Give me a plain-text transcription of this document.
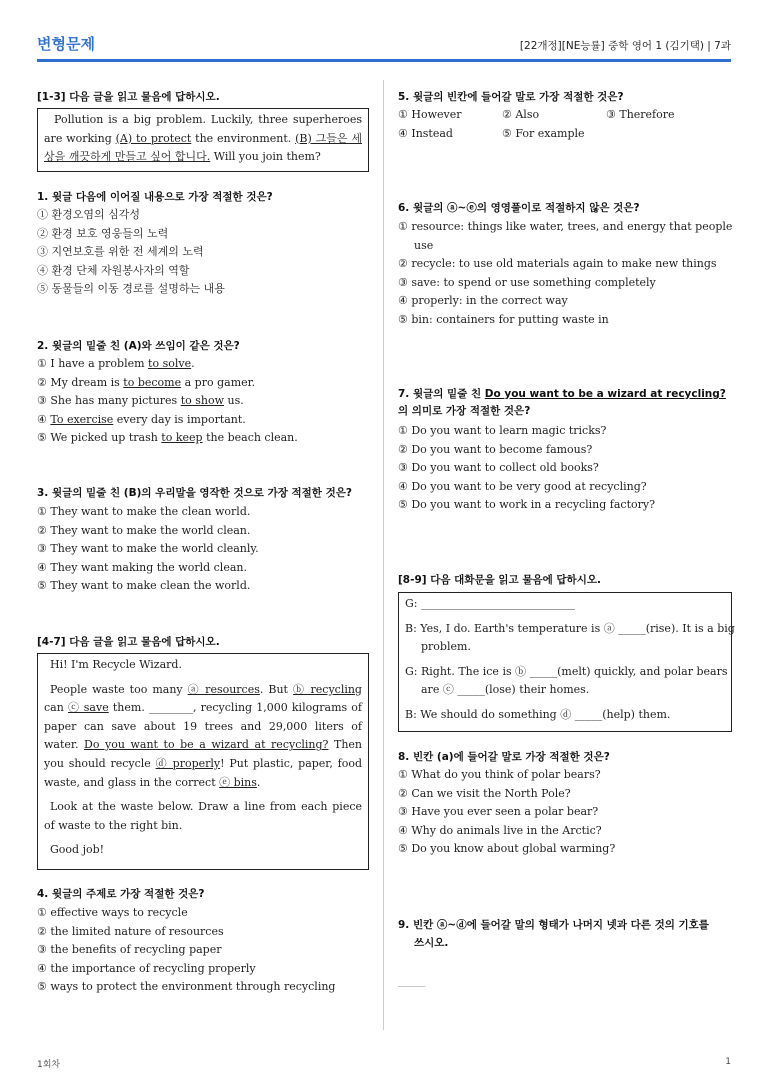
변형문제	[22개정][NE능률] 중학 영어 1 (김기택) | 7과
[1-3] 다음 글을 읽고 물음에 답하시오.
Pollution is a big problem. Luckily, three superheroes are working (A) to protect the environment. (B) 그들은 세상을 깨끗하게 만들고 싶어 합니다. Will you join them?
1. 윗글 다음에 이어질 내용으로 가장 적절한 것은?
① 환경오염의 심각성
② 환경 보호 영웅들의 노력
③ 지연보호를 위한 전 세계의 노력
④ 환경 단체 자원봉사자의 역할
⑤ 동물들의 이동 경로를 설명하는 내용
2. 윗글의 밑줄 친 (A)와 쓰임이 같은 것은?
① I have a problem to solve.
② My dream is to become a pro gamer.
③ She has many pictures to show us.
④ To exercise every day is important.
⑤ We picked up trash to keep the beach clean.
3. 윗글의 밑줄 친 (B)의 우리말을 영작한 것으로 가장 적절한 것은?
① They want to make the clean world.
② They want to make the world clean.
③ They want to make the world cleanly.
④ They want making the world clean.
⑤ They want to make clean the world.
[4-7] 다음 글을 읽고 물음에 답하시오.
Hi! I'm Recycle Wizard.
People waste too many ⓐ resources. But ⓑ recycling can ⓒ save them. ________, recycling 1,000 kilograms of paper can save about 19 trees and 29,000 liters of water. Do you want to be a wizard at recycling? Then you should recycle ⓓ properly! Put plastic, paper, food waste, and glass in the correct ⓔ bins.
Look at the waste below. Draw a line from each piece of waste to the right bin.
Good job!
4. 윗글의 주제로 가장 적절한 것은?
① effective ways to recycle
② the limited nature of resources
③ the benefits of recycling paper
④ the importance of recycling properly
⑤ ways to protect the environment through recycling
5. 윗글의 빈칸에 들어갈 말로 가장 적절한 것은?
① However	② Also	③ Therefore
④ Instead	⑤ For example
6. 윗글의 ⓐ~ⓔ의 영영풀이로 적절하지 않은 것은?
① resource: things like water, trees, and energy that people
use
② recycle: to use old materials again to make new things
③ save: to spend or use something completely
④ properly: in the correct way
⑤ bin: containers for putting waste in
7. 윗글의 밑줄 친 Do you want to be a wizard at recycling?의 의미로 가장 적절한 것은?
① Do you want to learn magic tricks?
② Do you want to become famous?
③ Do you want to collect old books?
④ Do you want to be very good at recycling?
⑤ Do you want to work in a recycling factory?
[8-9] 다음 대화문을 읽고 물음에 답하시오.
G: ____________________________
B: Yes, I do. Earth's temperature is ⓐ _____(rise). It is a big
problem.
G: Right. The ice is ⓑ _____(melt) quickly, and polar bears
are ⓒ _____(lose) their homes.
B: We should do something ⓓ _____(help) them.
8. 빈칸 (a)에 들어갈 말로 가장 적절한 것은?
① What do you think of polar bears?
② Can we visit the North Pole?
③ Have you ever seen a polar bear?
④ Why do animals live in the Arctic?
⑤ Do you know about global warming?
9. 빈칸 ⓐ~ⓓ에 들어갈 말의 형태가 나머지 넷과 다른 것의 기호를
쓰시오.
_____
1회차	1
